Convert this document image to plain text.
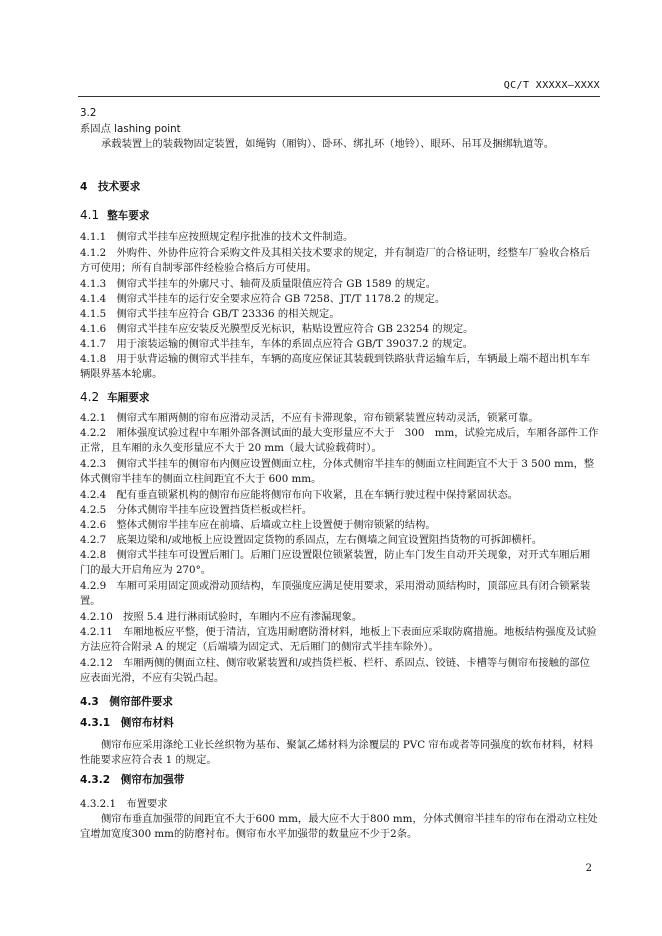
QC/T XXXXX—XXXX
3.2
系固点 lashing point
承载装置上的装载物固定装置，如绳钩（厢钩）、卧环、绑扎环（地铃）、眼环、吊耳及捆绑轨道等。
4　技术要求
4.1 整车要求
4.1.1　侧帘式半挂车应按照规定程序批准的技术文件制造。
4.1.2　外购件、外协件应符合采购文件及其相关技术要求的规定，并有制造厂的合格证明，经整车厂验收合格后方可使用；所有自制零部件经检验合格后方可使用。
4.1.3　侧帘式半挂车的外廓尺寸、轴荷及质量限值应符合 GB 1589 的规定。
4.1.4　侧帘式半挂车的运行安全要求应符合 GB 7258、JT/T 1178.2 的规定。
4.1.5　侧帘式半挂车应符合 GB/T 23336 的相关规定。
4.1.6　侧帘式半挂车应安装反光膜型反光标识，粘贴设置应符合 GB 23254 的规定。
4.1.7　用于滚装运输的侧帘式半挂车，车体的系固点应符合 GB/T 39037.2 的规定。
4.1.8　用于驮背运输的侧帘式半挂车，车辆的高度应保证其装载到铁路驮背运输车后，车辆最上端不超出机车车辆限界基本轮廓。
4.2 车厢要求
4.2.1　侧帘式车厢两侧的帘布应滑动灵活，不应有卡滞现象，帘布锁紧装置应转动灵活，锁紧可靠。
4.2.2　厢体强度试验过程中车厢外部各测试面的最大变形量应不大于　300　mm，试验完成后，车厢各部件工作正常，且车厢的永久变形量应不大于 20 mm（最大试验载荷时）。
4.2.3　侧帘式半挂车的侧帘布内侧应设置侧面立柱，分体式侧帘半挂车的侧面立柱间距宜不大于 3 500 mm，整体式侧帘半挂车的侧面立柱间距宜不大于 600 mm。
4.2.4　配有垂直锁紧机构的侧帘布应能将侧帘布向下收紧，且在车辆行驶过程中保持紧固状态。
4.2.5　分体式侧帘半挂车应设置挡货栏板或栏杆。
4.2.6　整体式侧帘半挂车应在前墙、后墙或立柱上设置便于侧帘锁紧的结构。
4.2.7　底架边梁和/或地板上应设置固定货物的系固点，左右侧墙之间宜设置阻挡货物的可拆卸横杆。
4.2.8　侧帘式半挂车可设置后厢门。后厢门应设置限位锁紧装置，防止车门发生自动开关现象，对开式车厢后厢门的最大开启角应为 270°。
4.2.9　车厢可采用固定顶或滑动顶结构，车顶强度应满足使用要求，采用滑动顶结构时，顶部应具有闭合锁紧装置。
4.2.10　按照 5.4 进行淋雨试验时，车厢内不应有渗漏现象。
4.2.11　车厢地板应平整，便于清洁，宜选用耐磨防滑材料，地板上下表面应采取防腐措施。地板结构强度及试验方法应符合附录 A 的规定（后端墙为固定式、无后厢门的侧帘式半挂车除外）。
4.2.12　车厢两侧的侧面立柱、侧帘收紧装置和/或挡货栏板、栏杆、系固点、铰链、卡槽等与侧帘布接触的部位应表面光滑，不应有尖锐凸起。
4.3　侧帘部件要求
4.3.1　侧帘布材料
侧帘布应采用涤纶工业长丝织物为基布、聚氯乙烯材料为涂覆层的 PVC 帘布或者等同强度的软布材料，材料性能要求应符合表 1 的规定。
4.3.2　侧帘布加强带
4.3.2.1　布置要求
侧帘布垂直加强带的间距宜不大于600 mm，最大应不大于800 mm，分体式侧帘半挂车的帘布在滑动立柱处宜增加宽度300 mm的防磨衬布。侧帘布水平加强带的数量应不少于2条。
2
